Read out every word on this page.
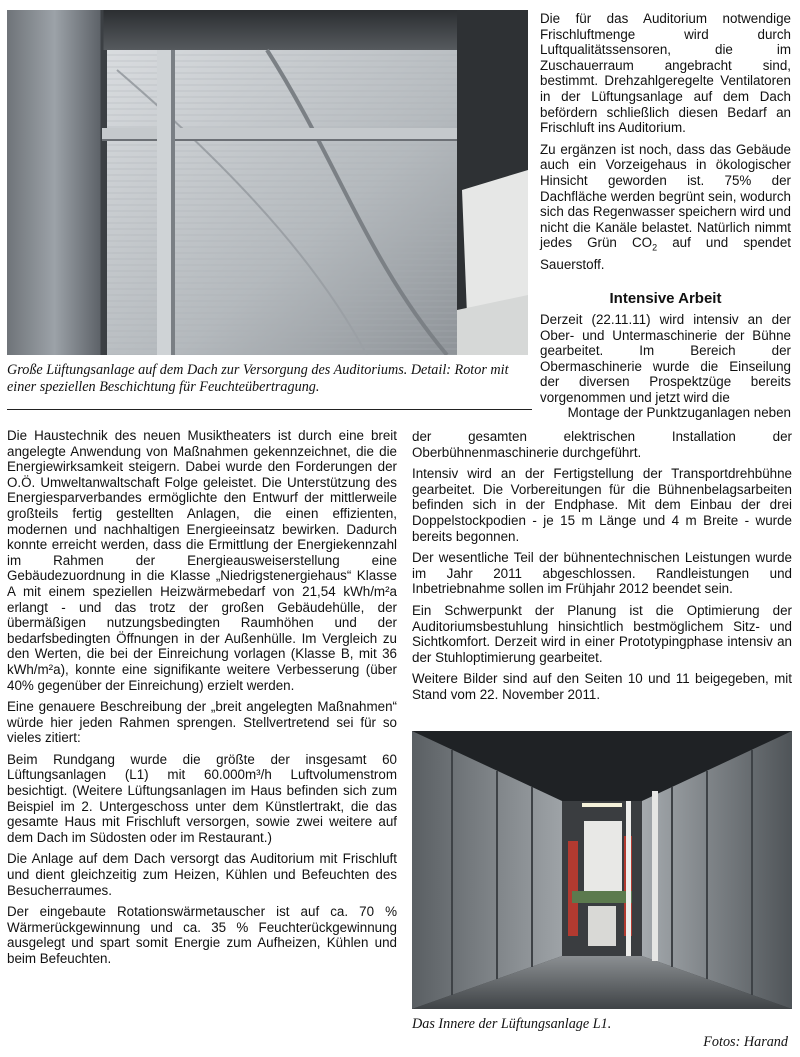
Große Lüftungsanlage auf dem Dach zur Versorgung des Auditoriums. Detail: Rotor mit einer speziellen Beschichtung für Feuchteübertragung.

Die für das Auditorium notwendige Frischluftmenge wird durch Luftqualitätssensoren, die im Zuschauerraum angebracht sind, bestimmt. Drehzahlgeregelte Ventilatoren in der Lüftungsanlage auf dem Dach befördern schließlich diesen Bedarf an Frischluft ins Auditorium.

Zu ergänzen ist noch, dass das Gebäude auch ein Vorzeigehaus in ökologischer Hinsicht geworden ist. 75% der Dachfläche werden begrünt sein, wodurch sich das Regenwasser speichern wird und nicht die Kanäle belastet. Natürlich nimmt jedes Grün $CO_2$ auf und spendet Sauerstoff.

Intensive Arbeit

Derzeit (22.11.11) wird intensiv an der Ober- und Untermaschinerie der Bühne gearbeitet. Im Bereich der Obermaschinerie wurde die Einseilung der diversen Prospektzüge bereits vorgenommen und jetzt wird die

Montage der Punktzuganlagen neben

Die Haustechnik des neuen Musiktheaters ist durch eine breit angelegte Anwendung von Maßnahmen gekennzeichnet, die die Energiewirksamkeit steigern. Dabei wurde den Forderungen der O.Ö. Umweltanwaltschaft Folge geleistet. Die Unterstützung des Energiesparverbandes ermöglichte den Entwurf der mittlerweile großteils fertig gestellten Anlagen, die einen effizienten, modernen und nachhaltigen Energieeinsatz bewirken. Dadurch konnte erreicht werden, dass die Ermittlung der Energiekennzahl im Rahmen der Energieausweiserstellung eine Gebäudezuordnung in die Klasse „Niedrigstenergiehaus“ Klasse A mit einem speziellen Heizwärmebedarf von 21,54 kWh/m²a erlangt - und das trotz der großen Gebäudehülle, der übermäßigen nutzungsbedingten Raumhöhen und der bedarfsbedingten Öffnungen in der Außenhülle. Im Vergleich zu den Werten, die bei der Einreichung vorlagen (Klasse B, mit 36 kWh/m²a), konnte eine signifikante weitere Verbesserung (über 40% gegenüber der Einreichung) erzielt werden.

Eine genauere Beschreibung der „breit angelegten Maßnahmen“ würde hier jeden Rahmen sprengen. Stellvertretend sei für so vieles zitiert:

Beim Rundgang wurde die größte der insgesamt 60 Lüftungsanlagen (L1) mit 60.000m³/h Luftvolumenstrom besichtigt. (Weitere Lüftungsanlagen im Haus befinden sich zum Beispiel im 2. Untergeschoss unter dem Künstlertrakt, die das gesamte Haus mit Frischluft versorgen, sowie zwei weitere auf dem Dach im Südosten oder im Restaurant.)

Die Anlage auf dem Dach versorgt das Auditorium mit Frischluft und dient gleichzeitig zum Heizen, Kühlen und Befeuchten des Besucherraumes.

Der eingebaute Rotationswärmetauscher ist auf ca. 70 % Wärmerückgewinnung und ca. 35 % Feuchterückgewinnung ausgelegt und spart somit Energie zum Aufheizen, Kühlen und beim Befeuchten.

der gesamten elektrischen Installation der Oberbühnenmaschinerie durchgeführt.

Intensiv wird an der Fertigstellung der Transportdrehbühne gearbeitet. Die Vorbereitungen für die Bühnenbelagsarbeiten befinden sich in der Endphase. Mit dem Einbau der drei Doppelstockpodien - je 15 m Länge und 4 m Breite - wurde bereits begonnen.

Der wesentliche Teil der bühnentechnischen Leistungen wurde im Jahr 2011 abgeschlossen. Randleistungen und Inbetriebnahme sollen im Frühjahr 2012 beendet sein.

Ein Schwerpunkt der Planung ist die Optimierung der Auditoriumsbestuhlung hinsichtlich bestmöglichem Sitz- und Sichtkomfort. Derzeit wird in einer Prototypingphase intensiv an der Stuhloptimierung gearbeitet.

Weitere Bilder sind auf den Seiten 10 und 11 beigegeben, mit Stand vom 22. November 2011.

Das Innere der Lüftungsanlage L1.
Fotos: Harand
